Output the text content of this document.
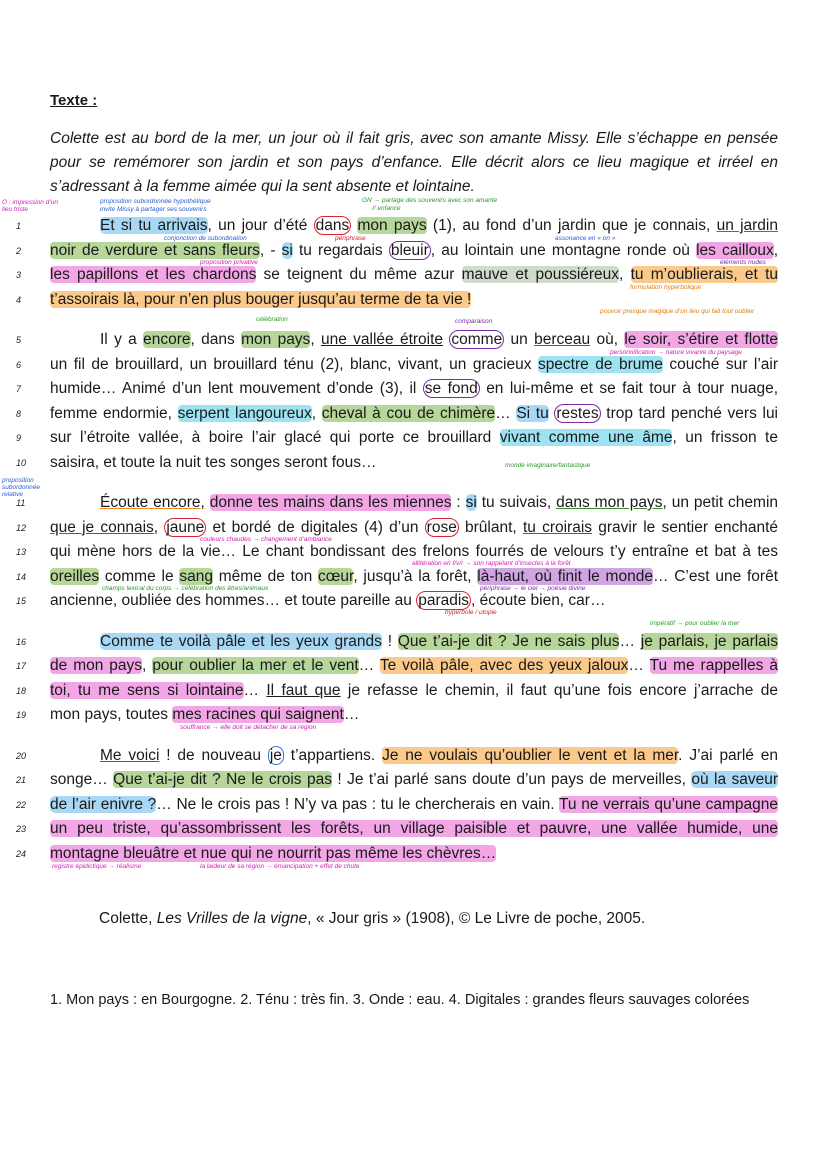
Texte :
Colette est au bord de la mer, un jour où il fait gris, avec son amante Missy. Elle s’échappe en pensée pour se remémorer son jardin et son pays d’enfance. Elle décrit alors ce lieu magique et irréel en s’adressant à la femme aimée qui la sent absente et lointaine.
1	Et si tu arrivais, un jour d’été dans mon pays (1), au fond d’un jardin que je connais, un jardin
2 noir de verdure et sans fleurs, - si tu regardais bleuir , au lointain une montagne ronde où les cailloux,
3 les papillons et les chardons se teignent du même azur mauve et poussiéreux, tu m’oublierais, et tu
4 t’assoirais là, pour n’en plus bouger jusqu’au terme de ta vie !
5	Il y a encore, dans mon pays, une vallée étroite comme un berceau où, le soir, s’étire et flotte
6 un fil de brouillard, un brouillard ténu (2), blanc, vivant, un gracieux spectre de brume couché sur l’air
7 humide… Animé d’un lent mouvement d’onde (3), il se fond en lui-même et se fait tour à tour nuage,
8 femme endormie, serpent langoureux, cheval à cou de chimère… Si tu restes trop tard penché vers lui
9 sur l’étroite vallée, à boire l’air glacé qui porte ce brouillard vivant comme une âme, un frisson te
10 saisira, et toute la nuit tes songes seront fous…
11	Écoute encore, donne tes mains dans les miennes : si tu suivais, dans mon pays, un petit chemin
12 que je connais, jaune et bordé de digitales (4) d’un rose brûlant, tu croirais gravir le sentier enchanté
13 qui mène hors de la vie… Le chant bondissant des frelons fourrés de velours t’y entraîne et bat à tes
14 oreilles comme le sang même de ton cœur, jusqu’à la forêt, là-haut, où finit le monde… C’est une forêt
15 ancienne, oubliée des hommes… et toute pareille au paradis , écoute bien, car…
16	Comme te voilà pâle et les yeux grands ! Que t’ai-je dit ? Je ne sais plus… je parlais, je parlais
17 de mon pays, pour oublier la mer et le vent… Te voilà pâle, avec des yeux jaloux… Tu me rappelles à
18 toi, tu me sens si lointaine… Il faut que je refasse le chemin, il faut qu’une fois encore j’arrache de
19 mon pays, toutes mes racines qui saignent…
20	Me voici ! de nouveau je t’appartiens. Je ne voulais qu’oublier le vent et la mer. J’ai parlé en
21 songe… Que t’ai-je dit ? Ne le crois pas ! Je t’ai parlé sans doute d’un pays de merveilles, où la saveur
22 de l’air enivre ?… Ne le crois pas ! N’y va pas : tu le chercherais en vain. Tu ne verrais qu’une campagne
23 un peu triste, qu’assombrissent les forêts, un village paisible et pauvre, une vallée humide, une
24 montagne bleuâtre et nue qui ne nourrit pas même les chèvres…
O : impression d’un lieu triste
proposition subordonnée hypothétique
invite Missy à partager ses souvenirs
GN → partage des souvenirs avec son amante
// enfance
périphrase
conjonction de subordination	assonance en « on »
proposition privative	éléments nudes
formulation hyperbolique
pouvoir presque magique d’un lieu qui fait tout oublier
célébration	comparaison
personnification → nature vivante du paysage
monde imaginaire/fantastique
proposition subordonnée relative
couleurs chaudes → changement d’ambiance
allitération en f/v/r → son rappelant d’insectes à la forêt
champs lexical du corps → célébration des êtres/animaux	périphrase → le ciel → poésie divine
hyperbole / utopie
impératif → pour oublier la mer
souffrance → elle doit se détacher de sa région
registre épidictique → réalisme	la laideur de sa région → émancipation + effet de chute
Colette, Les Vrilles de la vigne, « Jour gris » (1908), © Le Livre de poche, 2005.
1. Mon pays : en Bourgogne. 2. Ténu : très fin. 3. Onde : eau. 4. Digitales : grandes fleurs sauvages colorées
